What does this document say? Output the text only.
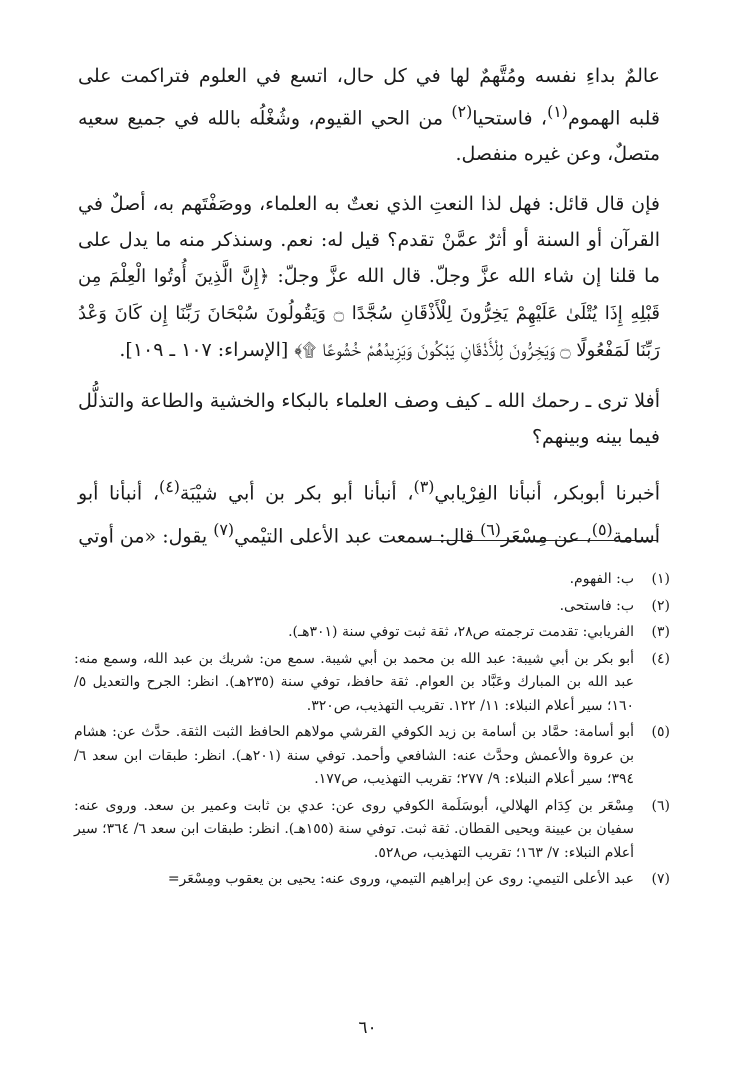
عالمٌ بداءِ نفسه ومُتَّهمٌ لها في كل حال، اتسع في العلوم فتراكمت على قلبه الهموم$^{(١)}$، فاستحيا$^{(٢)}$ من الحي القيوم، وشُغْلُه بالله في جميع سعيه متصلٌ، وعن غيره منفصل.

فإن قال قائل: فهل لذا النعتِ الذي نعتٌ به العلماء، ووصَفْتَهم به، أصلٌ في القرآن أو السنة أو أثرٌ عمَّنْ تقدم؟ قيل له: نعم. وسنذكر منه ما يدل على ما قلنا إن شاء الله عزَّ وجلّ. قال الله عزَّ وجلّ: ﴿إِنَّ الَّذِينَ أُوتُوا الْعِلْمَ مِن قَبْلِهِ إِذَا يُتْلَىٰ عَلَيْهِمْ يَخِرُّونَ لِلْأَذْقَانِ سُجَّدًا ۝ وَيَقُولُونَ سُبْحَانَ رَبِّنَا إِن كَانَ وَعْدُ رَبِّنَا لَمَفْعُولًا ۝ وَيَخِرُّونَ لِلْأَذْقَانِ يَبْكُونَ وَيَزِيدُهُمْ خُشُوعًا ۩﴾ [الإسراء: ١٠٧ ـ ١٠٩].

أفلا ترى ـ رحمك الله ـ كيف وصف العلماء بالبكاء والخشية والطاعة والتذلُّل فيما بينه وبينهم؟

أخبرنا أبوبكر، أنبأنا الفِرْيابي$^{(٣)}$، أنبأنا أبو بكر بن أبي شيْبَة$^{(٤)}$، أنبأنا أبو أسامة$^{(٥)}$، عن مِسْعَر$^{(٦)}$ قال: سمعت عبد الأعلى التيْمي$^{(٧)}$ يقول: «من أوتي

(١)
ب: الفهوم.
(٢)
ب: فاستحى.
(٣)
الفريابي: تقدمت ترجمته ص٢٨، ثقة ثبت توفي سنة (٣٠١هـ).
(٤)
أبو بكر بن أبي شيبة: عبد الله بن محمد بن أبي شيبة. سمع من: شريك بن عبد الله، وسمع منه: عبد الله بن المبارك وعَبَّاد بن العوام. ثقة حافظ، توفي سنة (٢٣٥هـ). انظر: الجرح والتعديل ٥/ ١٦٠؛ سير أعلام النبلاء: ١١/ ١٢٢. تقريب التهذيب، ص٣٢٠.
(٥)
أبو أسامة: حمَّاد بن أسامة بن زيد الكوفي القرشي مولاهم الحافظ الثبت الثقة. حدَّث عن: هشام بن عروة والأعمش وحدَّث عنه: الشافعي وأحمد. توفي سنة (٢٠١هـ). انظر: طبقات ابن سعد ٦/ ٣٩٤؛ سير أعلام النبلاء: ٩/ ٢٧٧؛ تقريب التهذيب، ص١٧٧.
(٦)
مِسْعَر بن كِدَام الهلالي، أبوسَلَمة الكوفي روى عن: عدي بن ثابت وعمير بن سعد. وروى عنه: سفيان بن عيينة ويحيى القطان. ثقة ثبت. توفي سنة (١٥٥هـ). انظر: طبقات ابن سعد ٦/ ٣٦٤؛ سير أعلام النبلاء: ٧/ ١٦٣؛ تقريب التهذيب، ص٥٢٨.
(٧)
عبد الأعلى التيمي: روى عن إبراهيم التيمي، وروى عنه: يحيى بن يعقوب ومِسْعَر=
٦٠
